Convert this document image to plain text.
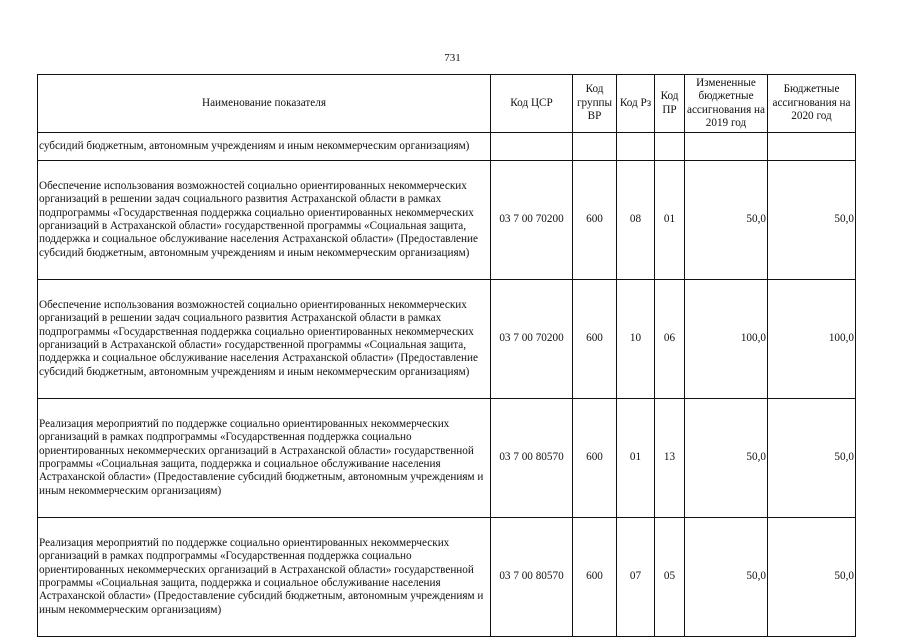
731
Наименование показателя	Код ЦСР	Код группы ВР	Код Рз	Код ПР	Измененные бюджетные ассигнования на 2019 год	Бюджетные ассигнования на 2020 год
субсидий бюджетным, автономным учреждениям и иным некоммерческим организациям)						
Обеспечение использования возможностей социально ориентированных некоммерческих организаций в решении задач социального развития Астраханской области в рамках подпрограммы «Государственная поддержка социально ориентированных некоммерческих организаций в Астраханской области» государственной программы «Социальная защита, поддержка и социальное обслуживание населения Астраханской области» (Предоставление субсидий бюджетным, автономным учреждениям и иным некоммерческим организациям)	03 7 00 70200	600	08	01	50,0	50,0
Обеспечение использования возможностей социально ориентированных некоммерческих организаций в решении задач социального развития Астраханской области в рамках подпрограммы «Государственная поддержка социально ориентированных некоммерческих организаций в Астраханской области» государственной программы «Социальная защита, поддержка и социальное обслуживание населения Астраханской области» (Предоставление субсидий бюджетным, автономным учреждениям и иным некоммерческим организациям)	03 7 00 70200	600	10	06	100,0	100,0
Реализация мероприятий по поддержке социально ориентированных некоммерческих организаций в рамках подпрограммы «Государственная поддержка социально ориентированных некоммерческих организаций в Астраханской области» государственной программы «Социальная защита, поддержка и социальное обслуживание населения Астраханской области» (Предоставление субсидий бюджетным, автономным учреждениям и иным некоммерческим организациям)	03 7 00 80570	600	01	13	50,0	50,0
Реализация мероприятий по поддержке социально ориентированных некоммерческих организаций в рамках подпрограммы «Государственная поддержка социально ориентированных некоммерческих организаций в Астраханской области» государственной программы «Социальная защита, поддержка и социальное обслуживание населения Астраханской области» (Предоставление субсидий бюджетным, автономным учреждениям и иным некоммерческим организациям)	03 7 00 80570	600	07	05	50,0	50,0
